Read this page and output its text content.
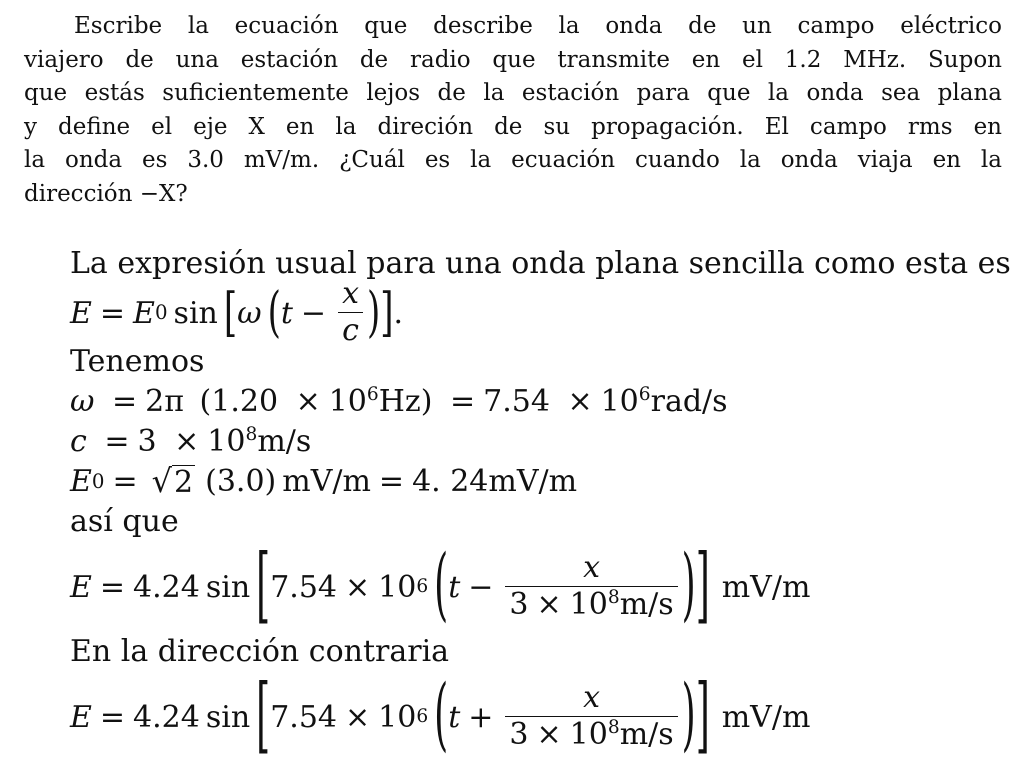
Escribe la ecuación que describe la onda de un campo eléctrico
viajero de una estación de radio que transmite en el 1.2 MHz. Supon
que estás suficientemente lejos de la estación para que la onda sea plana
y define el eje X en la direción de su propagación. El campo rms en
la onda es 3.0 mV/m. ¿Cuál es la ecuación cuando la onda viaja en la
dirección −X?
La expresión usual para una onda plana sencilla como esta es
E = E 0 sin [ ω ( $t - \frac{x}{c}$ ) ] .
Tenemos
ω = 2π $(1.20 \times 10^6Hz) = 7.54 \times 10^6rad/s$
$c = 3 \times 10^8m/s$
E 0 = √ 2 (3.0) mV/m = 4. 24mV/m
así que
E = 4.24 sin [ 7.54 × 10 6 ( $t - \frac{x}{3 \times 10^8m/s}$ ) ] mV/m
En la dirección contraria
E = 4.24 sin [ 7.54 × 10 6 ( $t + \frac{x}{3 \times 10^8m/s}$ ) ] mV/m
